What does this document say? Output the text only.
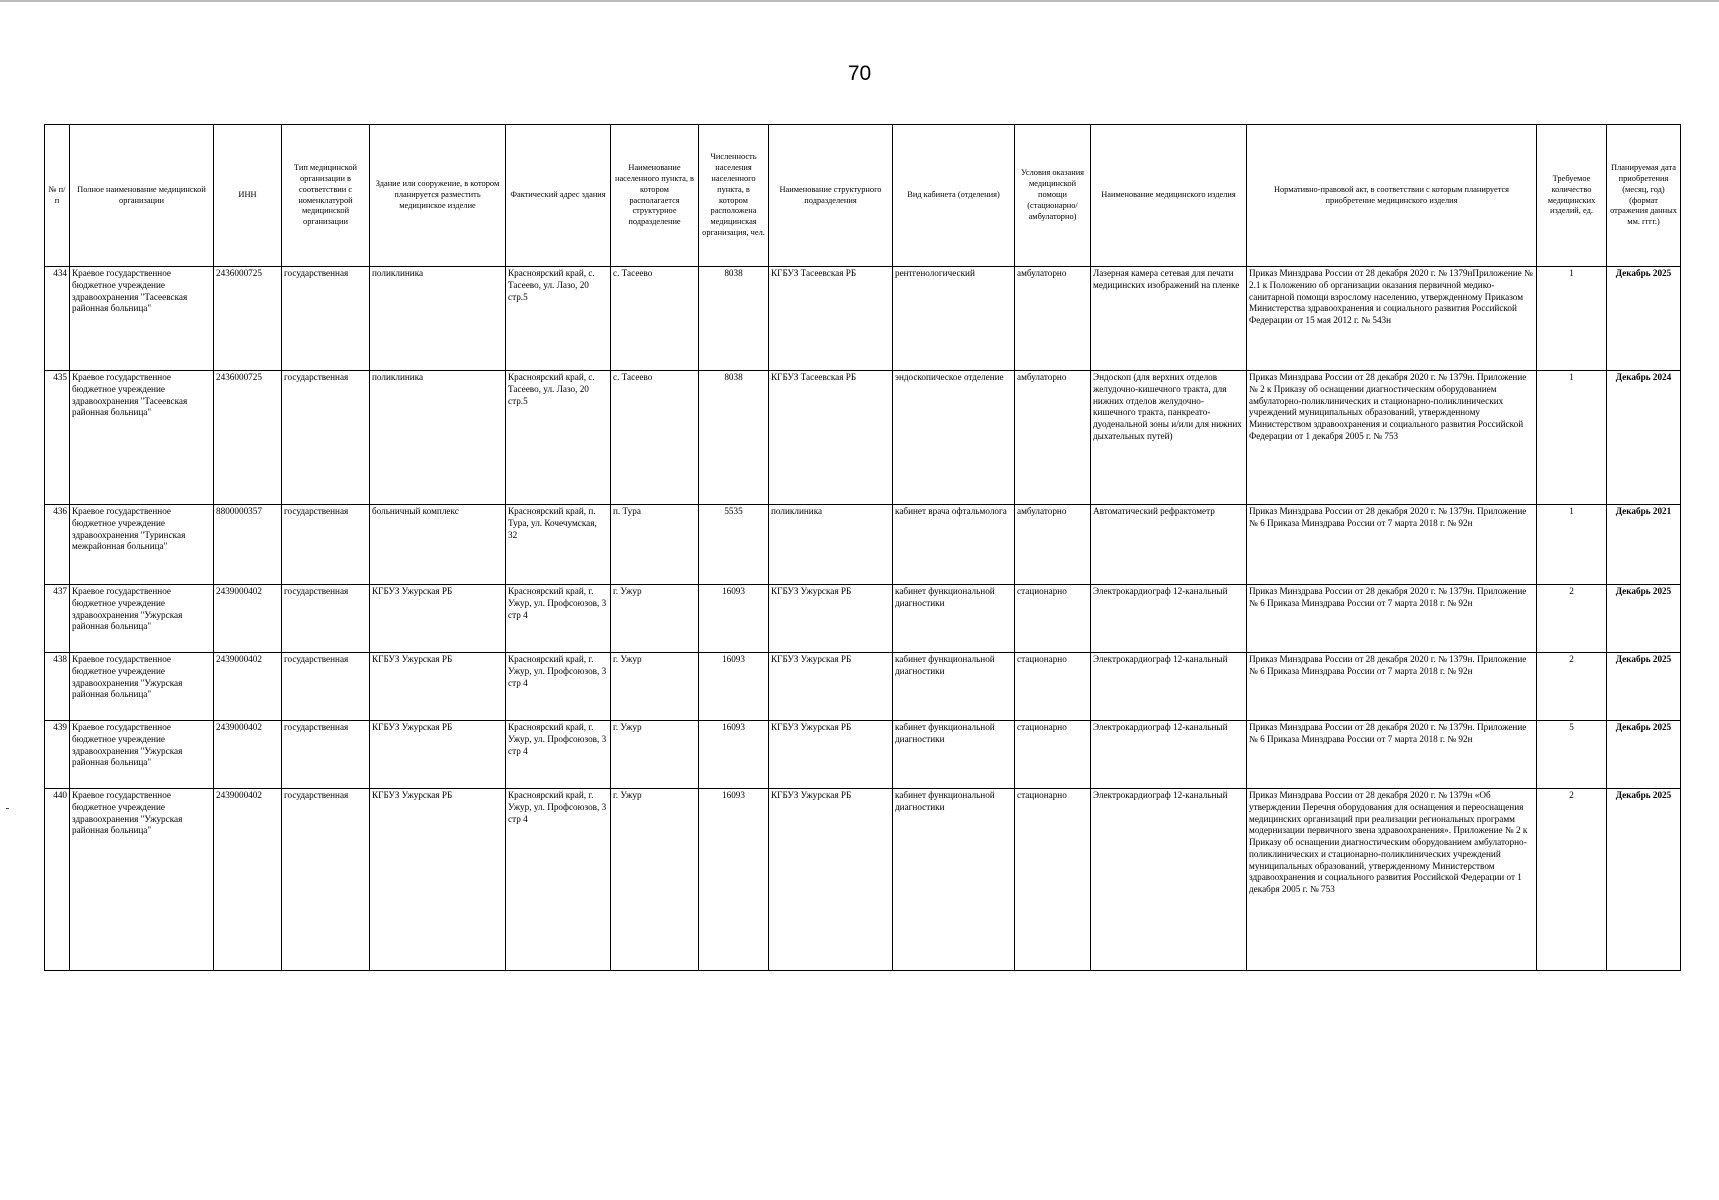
70
№ п/п	Полное наименование медицинской организации	ИНН	Тип медицинской организации в соответствии с номенклатурой медицинской организации	Здание или сооружение, в котором планируется разместить медицинское изделие	Фактический адрес здания	Наименование населенного пункта, в котором располагается структурное подразделение	Численность населения населенного пункта, в котором расположена медицинская организация, чел.	Наименование структурного подразделения	Вид кабинета (отделения)	Условия оказания медицинской помощи (стационарно/ амбулаторно)	Наименование медицинского изделия	Нормативно-правовой акт, в соответствии с которым планируется приобретение медицинского изделия	Требуемое количество медицинских изделий, ед.	Планируемая дата приобретения (месяц, год) (формат отражения данных мм. гггг.)
434	Краевое государственное бюджетное учреждение здравоохранения "Тасеевская районная больница"	2436000725	государственная	поликлиника	Красноярский край, с. Тасеево, ул. Лазо, 20 стр.5	с. Тасеево	8038	КГБУЗ Тасеевская РБ	рентгенологический	амбулаторно	Лазерная камера сетевая для печати медицинских изображений на пленке	Приказ Минздрава России от 28 декабря 2020 г. № 1379нПриложение № 2.1 к Положению об организации оказания первичной медико-санитарной помощи взрослому населению, утвержденному Приказом Министерства здравоохранения и социального развития Российской Федерации от 15 мая 2012 г. № 543н	1	Декабрь 2025
435	Краевое государственное бюджетное учреждение здравоохранения "Тасеевская районная больница"	2436000725	государственная	поликлиника	Красноярский край, с. Тасеево, ул. Лазо, 20 стр.5	с. Тасеево	8038	КГБУЗ Тасеевская РБ	эндоскопическое отделение	амбулаторно	Эндоскоп (для верхних отделов желудочно-кишечного тракта, для нижних отделов желудочно-кишечного тракта, панкреато-дуоденальной зоны и/или для нижних дыхательных путей)	Приказ Минздрава России от 28 декабря 2020 г. № 1379н. Приложение № 2 к Приказу об оснащении диагностическим оборудованием амбулаторно-поликлинических и стационарно-поликлинических учреждений муниципальных образований, утвержденному Министерством здравоохранения и социального развития Российской Федерации от 1 декабря 2005 г. № 753	1	Декабрь 2024
436	Краевое государственное бюджетное учреждение здравоохранения "Туринская межрайонная больница"	8800000357	государственная	больничный комплекс	Красноярский край, п. Тура, ул. Кочечумская, 32	п. Тура	5535	поликлиника	кабинет врача офтальмолога	амбулаторно	Автоматический рефрактометр	Приказ Минздрава России от 28 декабря 2020 г. № 1379н. Приложение № 6 Приказа Минздрава России от 7 марта 2018 г. № 92н	1	Декабрь 2021
437	Краевое государственное бюджетное учреждение здравоохранения "Ужурская районная больница"	2439000402	государственная	КГБУЗ Ужурская РБ	Красноярский край, г. Ужур, ул. Профсоюзов, 3 стр 4	г. Ужур	16093	КГБУЗ Ужурская РБ	кабинет функциональной диагностики	стационарно	Электрокардиограф 12-канальный	Приказ Минздрава России от 28 декабря 2020 г. № 1379н. Приложение № 6 Приказа Минздрава России от 7 марта 2018 г. № 92н	2	Декабрь 2025
438	Краевое государственное бюджетное учреждение здравоохранения "Ужурская районная больница"	2439000402	государственная	КГБУЗ Ужурская РБ	Красноярский край, г. Ужур, ул. Профсоюзов, 3 стр 4	г. Ужур	16093	КГБУЗ Ужурская РБ	кабинет функциональной диагностики	стационарно	Электрокардиограф 12-канальный	Приказ Минздрава России от 28 декабря 2020 г. № 1379н. Приложение № 6 Приказа Минздрава России от 7 марта 2018 г. № 92н	2	Декабрь 2025
439	Краевое государственное бюджетное учреждение здравоохранения "Ужурская районная больница"	2439000402	государственная	КГБУЗ Ужурская РБ	Красноярский край, г. Ужур, ул. Профсоюзов, 3 стр 4	г. Ужур	16093	КГБУЗ Ужурская РБ	кабинет функциональной диагностики	стационарно	Электрокардиограф 12-канальный	Приказ Минздрава России от 28 декабря 2020 г. № 1379н. Приложение № 6 Приказа Минздрава России от 7 марта 2018 г. № 92н	5	Декабрь 2025
440	Краевое государственное бюджетное учреждение здравоохранения "Ужурская районная больница"	2439000402	государственная	КГБУЗ Ужурская РБ	Красноярский край, г. Ужур, ул. Профсоюзов, 3 стр 4	г. Ужур	16093	КГБУЗ Ужурская РБ	кабинет функциональной диагностики	стационарно	Электрокардиограф 12-канальный	Приказ Минздрава России от 28 декабря 2020 г. № 1379н «Об утверждении Перечня оборудования для оснащения и переоснащения медицинских организаций при реализации региональных программ модернизации первичного звена здравоохранения». Приложение № 2 к Приказу об оснащении диагностическим оборудованием амбулаторно-поликлинических и стационарно-поликлинических учреждений муниципальных образований, утвержденному Министерством здравоохранения и социального развития Российской Федерации от 1 декабря 2005 г. № 753	2	Декабрь 2025
